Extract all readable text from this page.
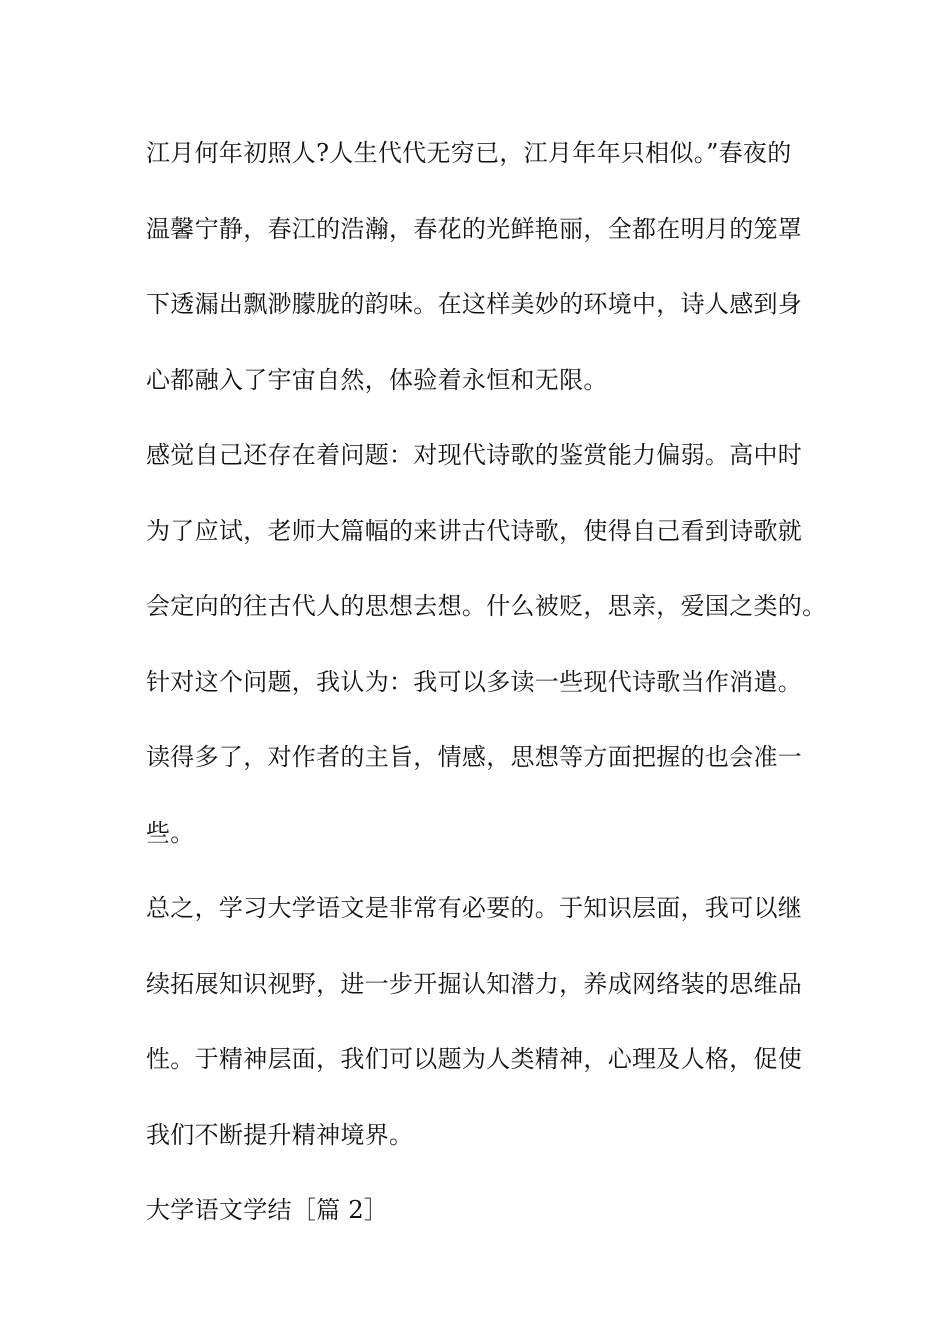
江月何年初照人?人生代代无穷已，江月年年只相似。”春夜的
温馨宁静，春江的浩瀚，春花的光鲜艳丽，全都在明月的笼罩
下透漏出飘渺朦胧的韵味。在这样美妙的环境中，诗人感到身
心都融入了宇宙自然，体验着永恒和无限。
感觉自己还存在着问题：对现代诗歌的鉴赏能力偏弱。高中时
为了应试，老师大篇幅的来讲古代诗歌，使得自己看到诗歌就
会定向的往古代人的思想去想。什么被贬，思亲，爱国之类的。
针对这个问题，我认为：我可以多读一些现代诗歌当作消遣。
读得多了，对作者的主旨，情感，思想等方面把握的也会准一
些。
总之，学习大学语文是非常有必要的。于知识层面，我可以继
续拓展知识视野，进一步开掘认知潜力，养成网络装的思维品
性。于精神层面，我们可以题为人类精神，心理及人格，促使
我们不断提升精神境界。
大学语文学结［篇 2］
